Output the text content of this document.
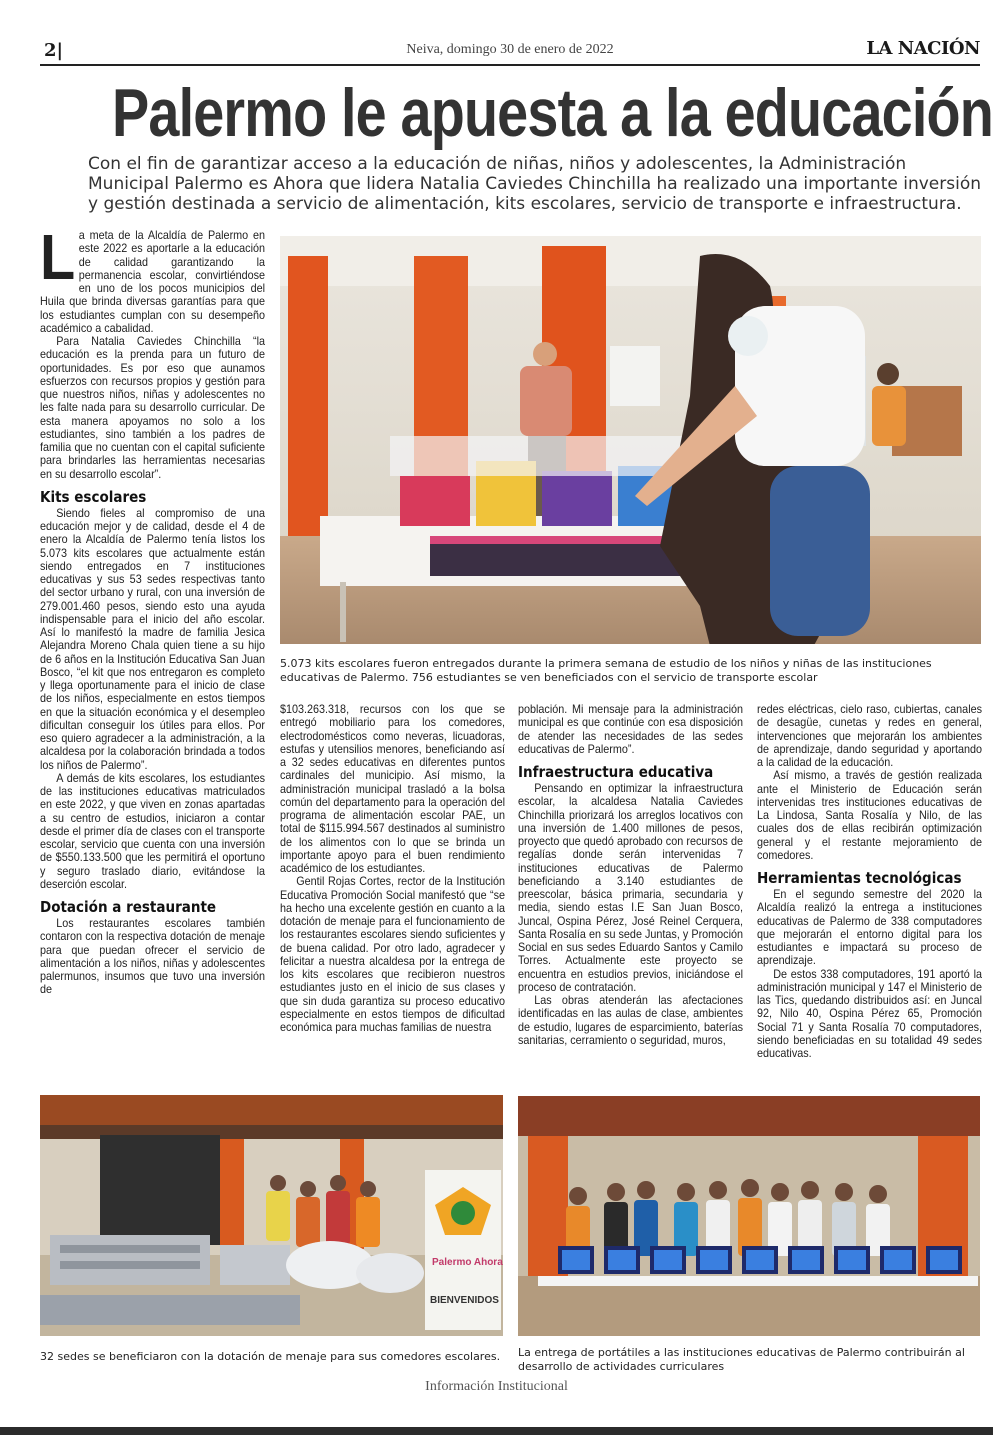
2|	Neiva, domingo 30 de enero de 2022	LA NACIÓN
Palermo le apuesta a la educación

Con el fin de garantizar acceso a la educación de niñas, niños y adolescentes, la Administración Municipal Palermo es Ahora que lidera Natalia Caviedes Chinchilla ha realizado una importante inversión y gestión destinada a servicio de alimentación, kits escolares, servicio de transporte e infraestructura.

5.073 kits escolares fueron entregados durante la primera semana de estudio de los niños y niñas de las instituciones educativas de Palermo. 756 estudiantes se ven beneficiados con el servicio de transporte escolar

L a meta de la Alcaldía de Palermo en este 2022 es aportarle a la educación de calidad garantizando la permanencia escolar, convirtiéndose en uno de los pocos municipios del Huila que brinda diversas garantías para que los estudiantes cumplan con su desempeño académico a cabalidad.

Para Natalia Caviedes Chinchilla “la educación es la prenda para un futuro de oportunidades. Es por eso que aunamos esfuerzos con recursos propios y gestión para que nuestros niños, niñas y adolescentes no les falte nada para su desarrollo curricular. De esta manera apoyamos no solo a los estudiantes, sino también a los padres de familia que no cuentan con el capital suficiente para brindarles las herramientas necesarias en su desarrollo escolar”.

Kits escolares

Siendo fieles al compromiso de una educación mejor y de calidad, desde el 4 de enero la Alcaldía de Palermo tenía listos los 5.073 kits escolares que actualmente están siendo entregados en 7 instituciones educativas y sus 53 sedes respectivas tanto del sector urbano y rural, con una inversión de 279.001.460 pesos, siendo esto una ayuda indispensable para el inicio del año escolar. Así lo manifestó la madre de familia Jesica Alejandra Moreno Chala quien tiene a su hijo de 6 años en la Institución Educativa San Juan Bosco, “el kit que nos entregaron es completo y llega oportunamente para el inicio de clase de los niños, especialmente en estos tiempos en que la situación económica y el desempleo dificultan conseguir los útiles para ellos. Por eso quiero agradecer a la administración, a la alcaldesa por la colaboración brindada a todos los niños de Palermo”.

A demás de kits escolares, los estudiantes de las instituciones educativas matriculados en este 2022, y que viven en zonas apartadas a su centro de estudios, iniciaron a contar desde el primer día de clases con el transporte escolar, servicio que cuenta con una inversión de $550.133.500 que les permitirá el oportuno y seguro traslado diario, evitándose la deserción escolar.

Dotación a restaurante

Los restaurantes escolares también contaron con la respectiva dotación de menaje para que puedan ofrecer el servicio de alimentación a los niños, niñas y adolescentes palermunos, insumos que tuvo una inversión de

$103.263.318, recursos con los que se entregó mobiliario para los comedores, electrodomésticos como neveras, licuadoras, estufas y utensilios menores, beneficiando así a 32 sedes educativas en diferentes puntos cardinales del municipio. Así mismo, la administración municipal trasladó a la bolsa común del departamento para la operación del programa de alimentación escolar PAE, un total de $115.994.567 destinados al suministro de los alimentos con lo que se brinda un importante apoyo para el buen rendimiento académico de los estudiantes.

Gentil Rojas Cortes, rector de la Institución Educativa Promoción Social manifestó que “se ha hecho una excelente gestión en cuanto a la dotación de menaje para el funcionamiento de los restaurantes escolares siendo suficientes y de buena calidad. Por otro lado, agradecer y felicitar a nuestra alcaldesa por la entrega de los kits escolares que recibieron nuestros estudiantes justo en el inicio de sus clases y que sin duda garantiza su proceso educativo especialmente en estos tiempos de dificultad económica para muchas familias de nuestra

población. Mi mensaje para la administración municipal es que continúe con esa disposición de atender las necesidades de las sedes educativas de Palermo”.

Infraestructura educativa

Pensando en optimizar la infraestructura escolar, la alcaldesa Natalia Caviedes Chinchilla priorizará los arreglos locativos con una inversión de 1.400 millones de pesos, proyecto que quedó aprobado con recursos de regalías donde serán intervenidas 7 instituciones educativas de Palermo beneficiando a 3.140 estudiantes de preescolar, básica primaria, secundaria y media, siendo estas I.E San Juan Bosco, Juncal, Ospina Pérez, José Reinel Cerquera, Santa Rosalía en su sede Juntas, y Promoción Social en sus sedes Eduardo Santos y Camilo Torres. Actualmente este proyecto se encuentra en estudios previos, iniciándose el proceso de contratación.

Las obras atenderán las afectaciones identificadas en las aulas de clase, ambientes de estudio, lugares de esparcimiento, baterías sanitarias, cerramiento o seguridad, muros,

redes eléctricas, cielo raso, cubiertas, canales de desagüe, cunetas y redes en general, intervenciones que mejorarán los ambientes de aprendizaje, dando seguridad y aportando a la calidad de la educación.

Así mismo, a través de gestión realizada ante el Ministerio de Educación serán intervenidas tres instituciones educativas de La Lindosa, Santa Rosalía y Nilo, de las cuales dos de ellas recibirán optimización general y el restante mejoramiento de comedores.

Herramientas tecnológicas

En el segundo semestre del 2020 la Alcaldía realizó la entrega a instituciones educativas de Palermo de 338 computadores que mejorarán el entorno digital para los estudiantes e impactará su proceso de aprendizaje.

De estos 338 computadores, 191 aportó la administración municipal y 147 el Ministerio de las Tics, quedando distribuidos así: en Juncal 92, Nilo 40, Ospina Pérez 65, Promoción Social 71 y Santa Rosalía 70 computadores, siendo beneficiadas en su totalidad 49 sedes educativas.

Palermo Ahora
BIENVENIDOS

32 sedes se beneficiaron con la dotación de menaje para sus comedores escolares.	La entrega de portátiles a las instituciones educativas de Palermo contribuirán al desarrollo de actividades curriculares

Información Institucional
